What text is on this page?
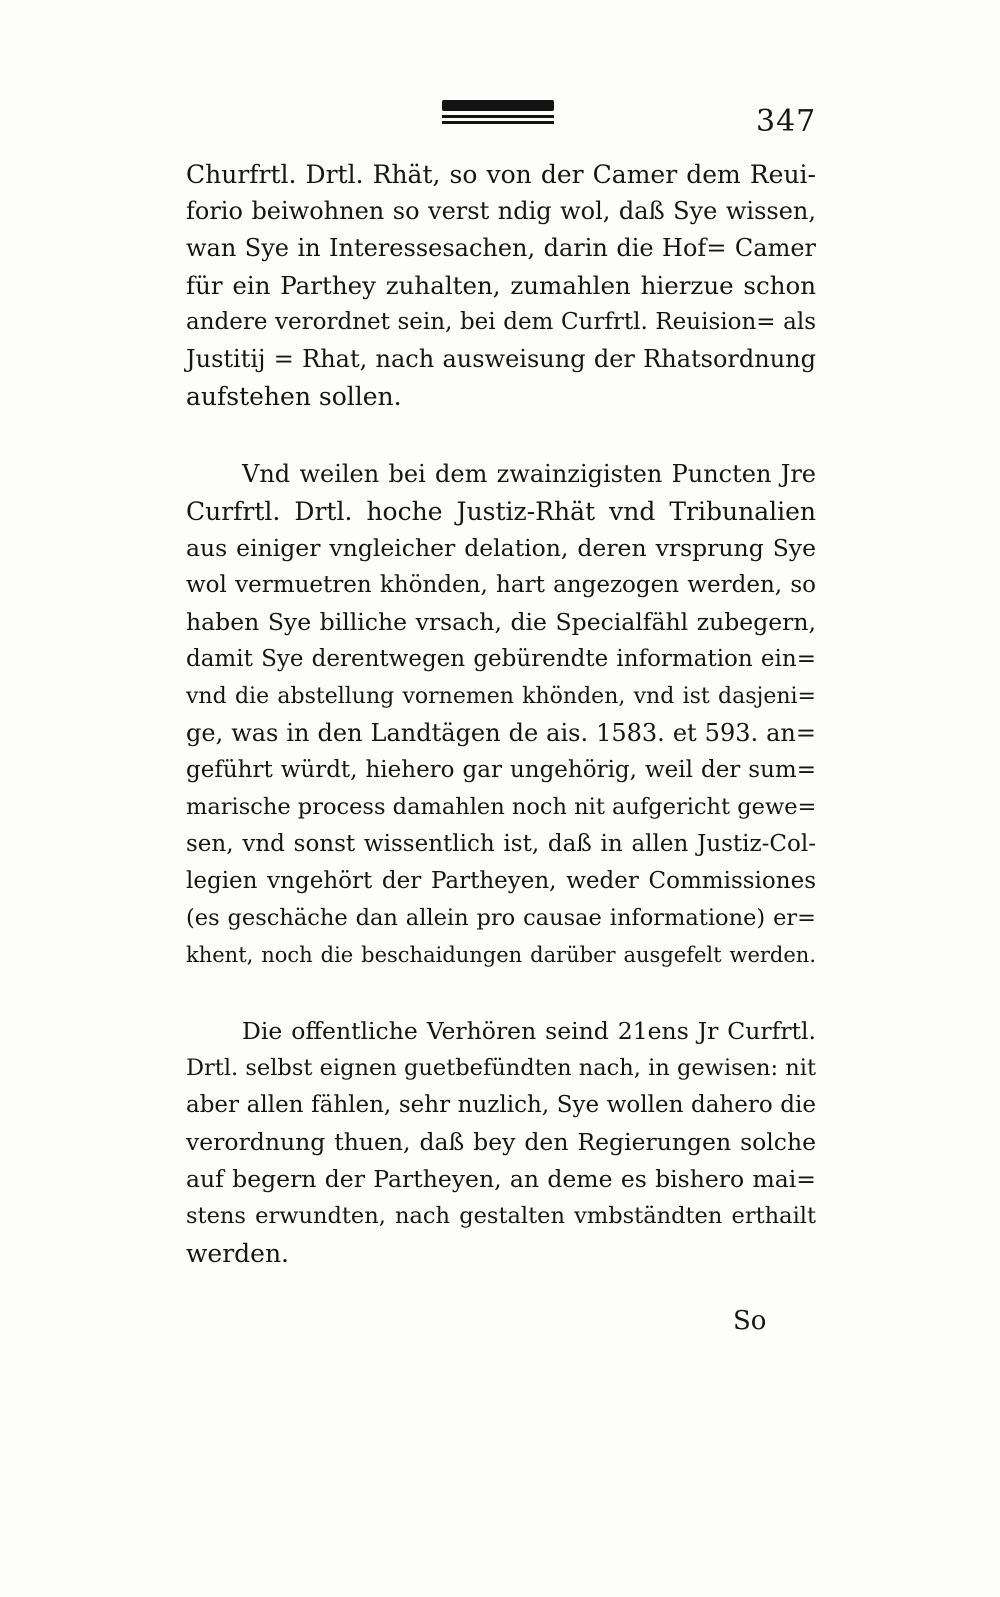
347
Churfrtl. Drtl. Rhät, so von der Camer dem Reui-
forio beiwohnen so verst ndig wol, daß Sye wissen,
wan Sye in Interessesachen, darin die Hof= Camer
für ein Parthey zuhalten, zumahlen hierzue schon
andere verordnet sein, bei dem Curfrtl. Reuision= als
Justitij = Rhat, nach ausweisung der Rhatsordnung
aufstehen sollen.
Vnd weilen bei dem zwainzigisten Puncten Jre
Curfrtl. Drtl. hoche Justiz-Rhät vnd Tribunalien
aus einiger vngleicher delation, deren vrsprung Sye
wol vermuetren khönden, hart angezogen werden, so
haben Sye billiche vrsach, die Specialfähl zubegern,
damit Sye derentwegen gebürendte information ein=
vnd die abstellung vornemen khönden, vnd ist dasjeni=
ge, was in den Landtägen de ais. 1583. et 593. an=
geführt würdt, hiehero gar ungehörig, weil der sum=
marische process damahlen noch nit aufgericht gewe=
sen, vnd sonst wissentlich ist, daß in allen Justiz-Col-
legien vngehört der Partheyen, weder Commissiones
(es geschäche dan allein pro causae informatione) er=
khent, noch die beschaidungen darüber ausgefelt werden.
Die offentliche Verhören seind 21ens Jr Curfrtl.
Drtl. selbst eignen guetbefündten nach, in gewisen: nit
aber allen fählen, sehr nuzlich, Sye wollen dahero die
verordnung thuen, daß bey den Regierungen solche
auf begern der Partheyen, an deme es bishero mai=
stens erwundten, nach gestalten vmbständten erthailt
werden.
So
